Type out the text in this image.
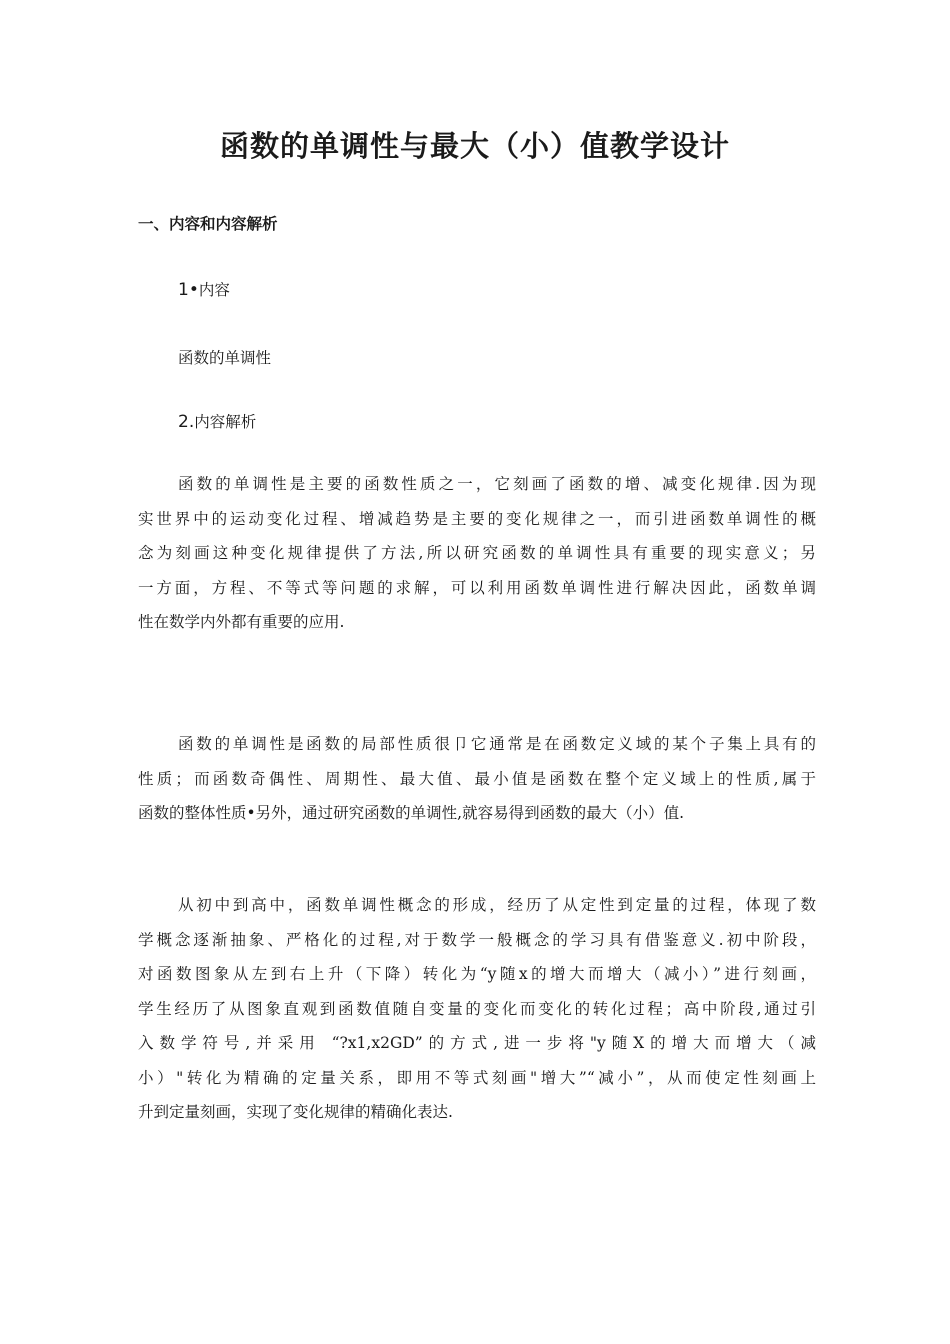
函数的单调性与最大（小）值教学设计
一、内容和内容解析
1•内容
函数的单调性
2.内容解析
函数的单调性是主要的函数性质之一，它刻画了函数的增、减变化规律.因为现
实世界中的运动变化过程、增减趋势是主要的变化规律之一，而引进函数单调性的概
念为刻画这种变化规律提供了方法,所以研究函数的单调性具有重要的现实意义；另
一方面，方程、不等式等问题的求解，可以利用函数单调性进行解决因此，函数单调
性在数学内外都有重要的应用.
函数的单调性是函数的局部性质很卩它通常是在函数定义域的某个子集上具有的
性质；而函数奇偶性、周期性、最大值、最小值是函数在整个定义域上的性质,属于
函数的整体性质•另外，通过研究函数的单调性,就容易得到函数的最大（小）值.
从初中到高中，函数单调性概念的形成，经历了从定性到定量的过程，体现了数
学概念逐渐抽象、严格化的过程,对于数学一般概念的学习具有借鉴意义.初中阶段，
对函数图象从左到右上升（下降）转化为“y随x的增大而增大（减小）”进行刻画，
学生经历了从图象直观到函数值随自变量的变化而变化的转化过程；高中阶段,通过引
入数学符号,并采用 “?x1,x2GD”的方式,进一步将"y随X的增大而增大（减
小）"转化为精确的定量关系，即用不等式刻画"增大”“减小”，从而使定性刻画上
升到定量刻画，实现了变化规律的精确化表达.
